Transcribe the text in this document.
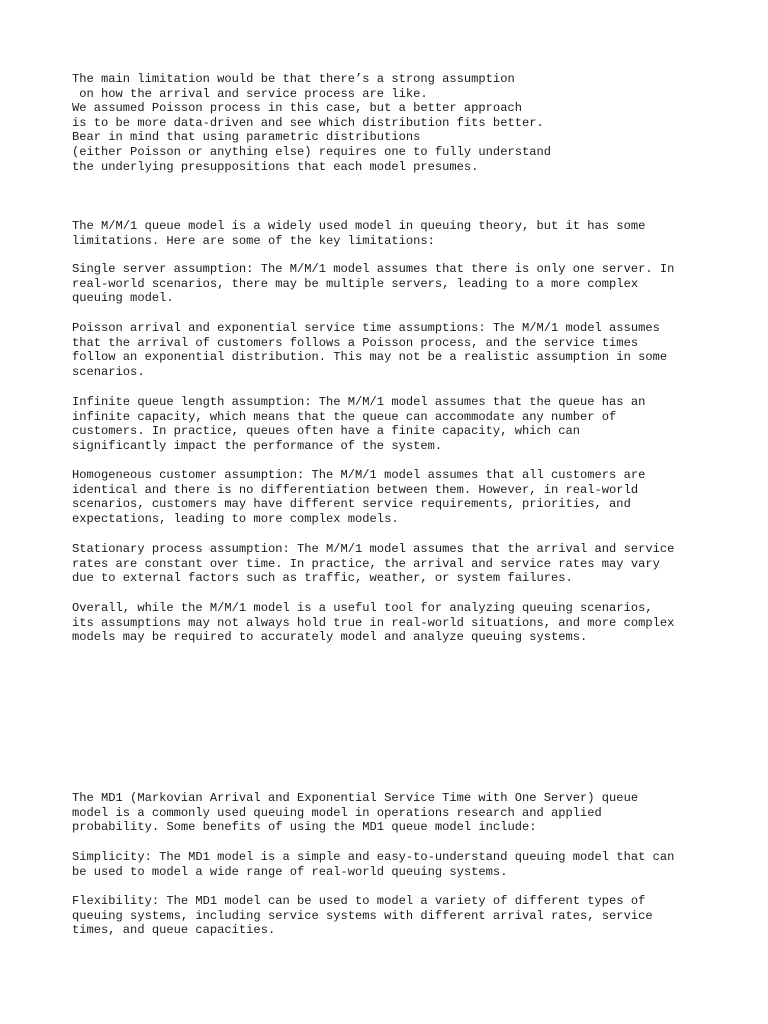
The main limitation would be that there’s a strong assumption
on how the arrival and service process are like.
We assumed Poisson process in this case, but a better approach
is to be more data-driven and see which distribution fits better.
Bear in mind that using parametric distributions
(either Poisson or anything else) requires one to fully understand
the underlying presuppositions that each model presumes.

The M/M/1 queue model is a widely used model in queuing theory, but it has some
limitations. Here are some of the key limitations:

Single server assumption: The M/M/1 model assumes that there is only one server. In
real-world scenarios, there may be multiple servers, leading to a more complex
queuing model.

Poisson arrival and exponential service time assumptions: The M/M/1 model assumes
that the arrival of customers follows a Poisson process, and the service times
follow an exponential distribution. This may not be a realistic assumption in some
scenarios.

Infinite queue length assumption: The M/M/1 model assumes that the queue has an
infinite capacity, which means that the queue can accommodate any number of
customers. In practice, queues often have a finite capacity, which can
significantly impact the performance of the system.

Homogeneous customer assumption: The M/M/1 model assumes that all customers are
identical and there is no differentiation between them. However, in real-world
scenarios, customers may have different service requirements, priorities, and
expectations, leading to more complex models.

Stationary process assumption: The M/M/1 model assumes that the arrival and service
rates are constant over time. In practice, the arrival and service rates may vary
due to external factors such as traffic, weather, or system failures.

Overall, while the M/M/1 model is a useful tool for analyzing queuing scenarios,
its assumptions may not always hold true in real-world situations, and more complex
models may be required to accurately model and analyze queuing systems.

The MD1 (Markovian Arrival and Exponential Service Time with One Server) queue
model is a commonly used queuing model in operations research and applied
probability. Some benefits of using the MD1 queue model include:

Simplicity: The MD1 model is a simple and easy-to-understand queuing model that can
be used to model a wide range of real-world queuing systems.

Flexibility: The MD1 model can be used to model a variety of different types of
queuing systems, including service systems with different arrival rates, service
times, and queue capacities.
